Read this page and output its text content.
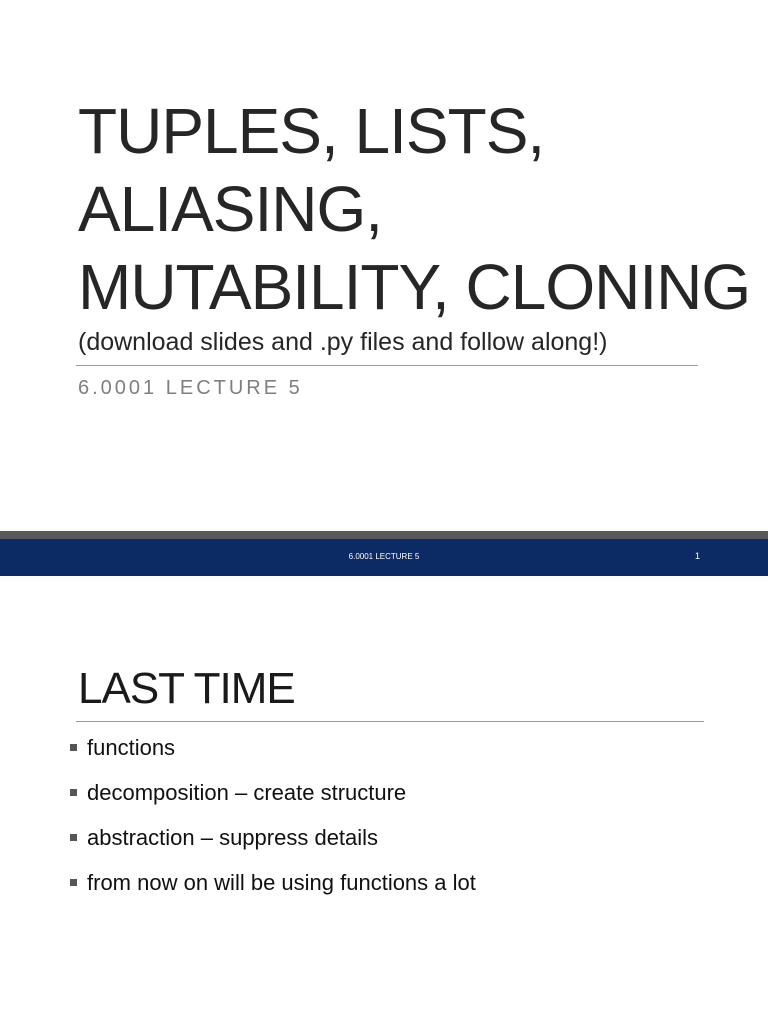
TUPLES, LISTS,
ALIASING,
MUTABILITY, CLONING

(download slides and .py files and follow along!)

6.0001 LECTURE 5

6.0001 LECTURE 5	1
LAST TIME
functions
decomposition – create structure
abstraction – suppress details
from now on will be using functions a lot
